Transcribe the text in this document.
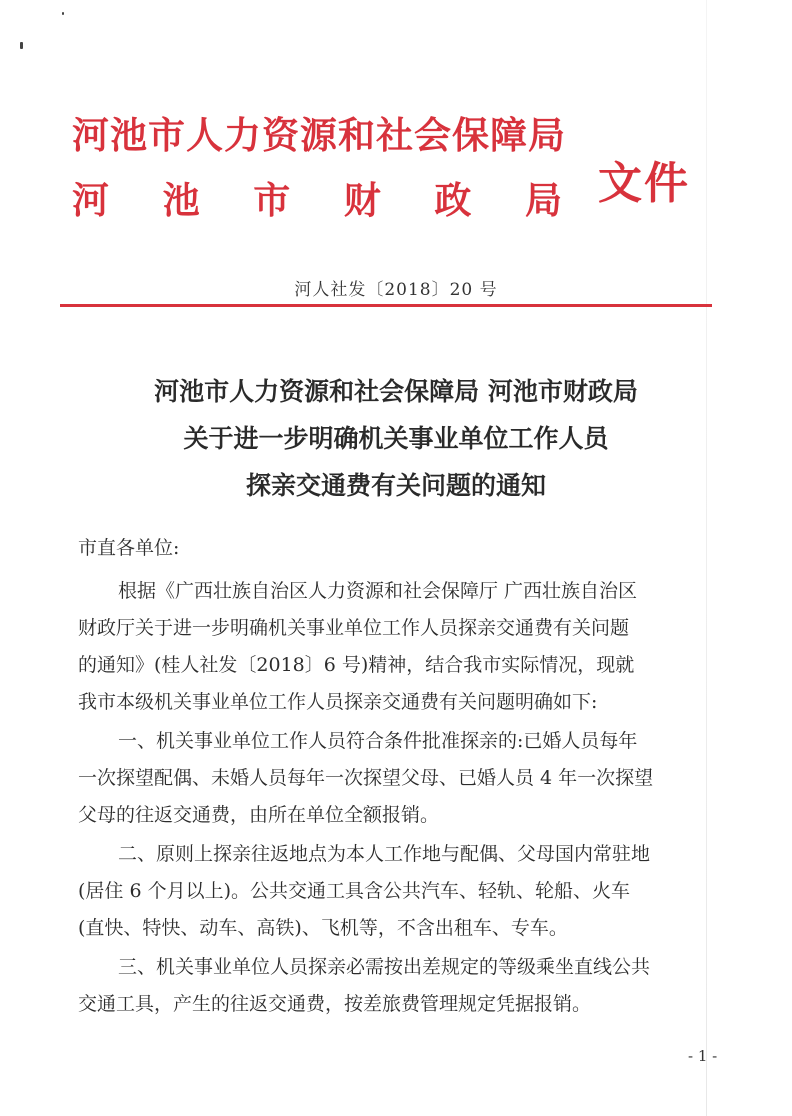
河池市人力资源和社会保障局
河 池 市 财 政 局 文件
河人社发〔2018〕20 号
河池市人力资源和社会保障局 河池市财政局
关于进一步明确机关事业单位工作人员
探亲交通费有关问题的通知
市直各单位:
根据《广西壮族自治区人力资源和社会保障厅 广西壮族自治区
财政厅关于进一步明确机关事业单位工作人员探亲交通费有关问题
的通知》(桂人社发〔2018〕6 号)精神，结合我市实际情况，现就
我市本级机关事业单位工作人员探亲交通费有关问题明确如下:
一、机关事业单位工作人员符合条件批准探亲的:已婚人员每年
一次探望配偶、未婚人员每年一次探望父母、已婚人员 4 年一次探望
父母的往返交通费，由所在单位全额报销。
二、原则上探亲往返地点为本人工作地与配偶、父母国内常驻地
(居住 6 个月以上)。公共交通工具含公共汽车、轻轨、轮船、火车
(直快、特快、动车、高铁)、飞机等，不含出租车、专车。
三、机关事业单位人员探亲必需按出差规定的等级乘坐直线公共
交通工具，产生的往返交通费，按差旅费管理规定凭据报销。
- 1 -
